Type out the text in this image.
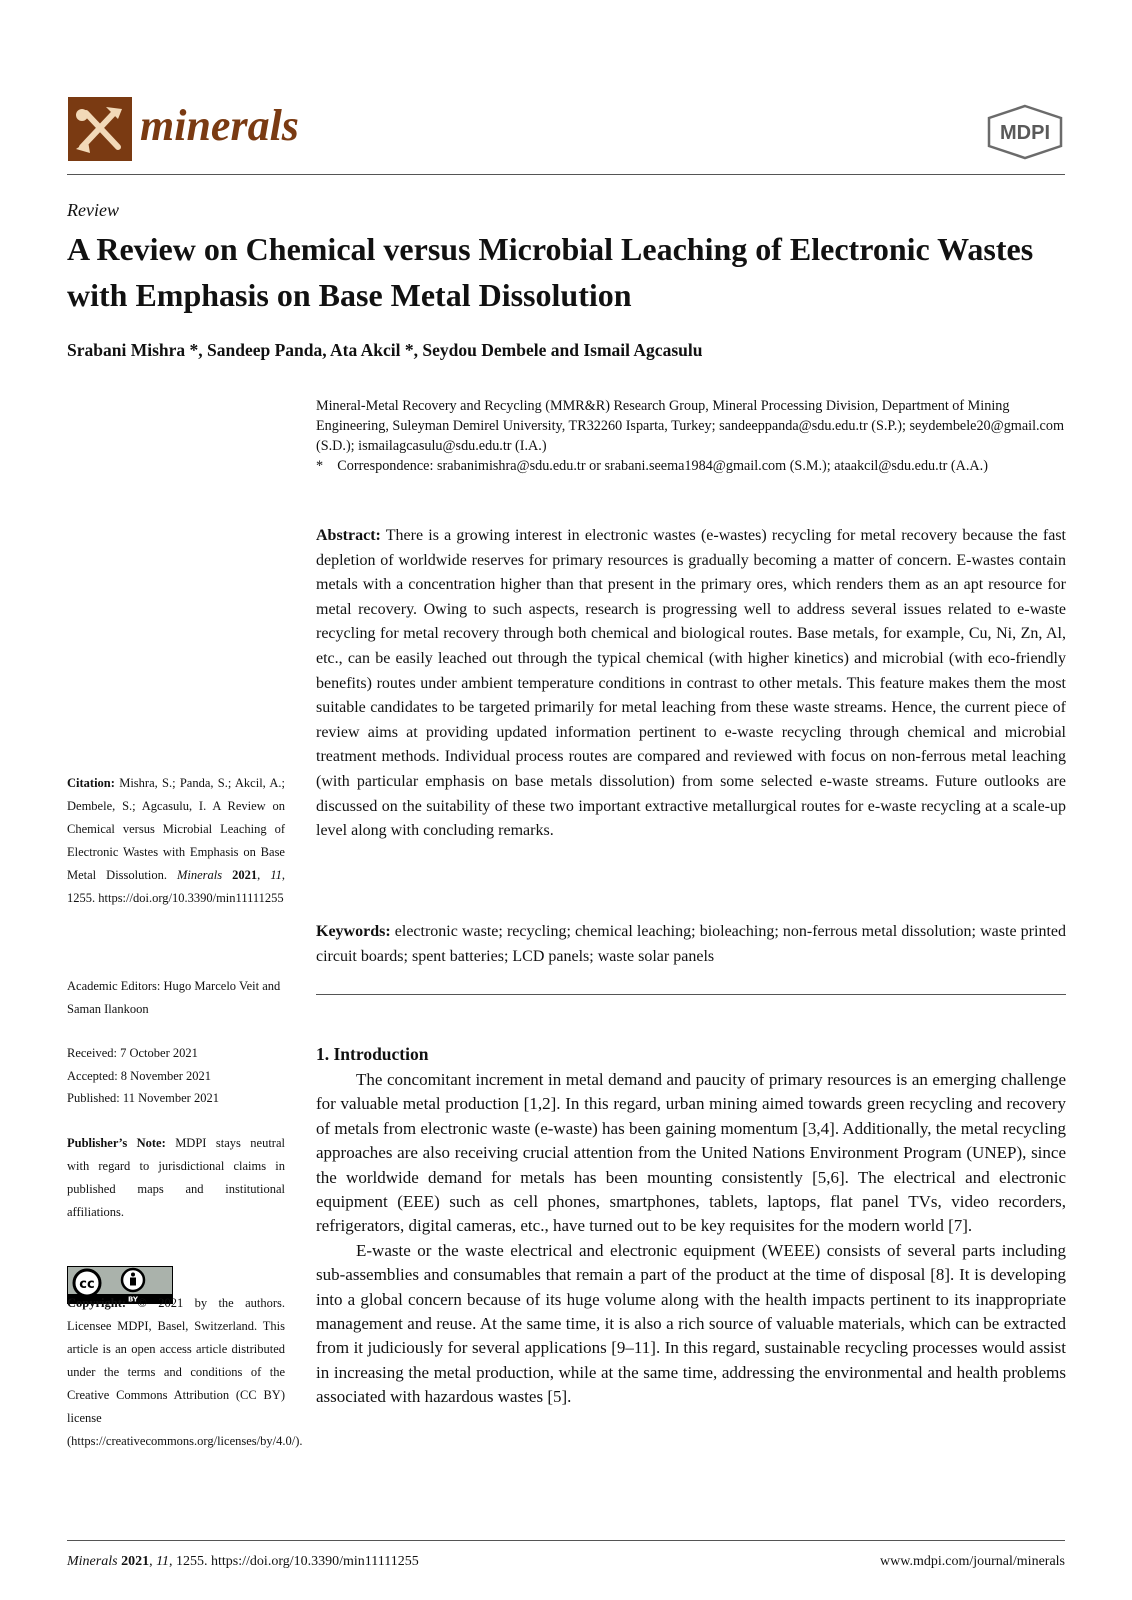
minerals	MDPI
Review
A Review on Chemical versus Microbial Leaching of Electronic Wastes with Emphasis on Base Metal Dissolution
Srabani Mishra *, Sandeep Panda, Ata Akcil *, Seydou Dembele and Ismail Agcasulu

Mineral-Metal Recovery and Recycling (MMR&R) Research Group, Mineral Processing Division, Department of Mining Engineering, Suleyman Demirel University, TR32260 Isparta, Turkey; sandeeppanda@sdu.edu.tr (S.P.); seydembele20@gmail.com (S.D.); ismailagcasulu@sdu.edu.tr (I.A.)

* Correspondence: srabanimishra@sdu.edu.tr or srabani.seema1984@gmail.com (S.M.); ataakcil@sdu.edu.tr (A.A.)

Abstract: There is a growing interest in electronic wastes (e-wastes) recycling for metal recovery because the fast depletion of worldwide reserves for primary resources is gradually becoming a matter of concern. E-wastes contain metals with a concentration higher than that present in the primary ores, which renders them as an apt resource for metal recovery. Owing to such aspects, research is progressing well to address several issues related to e-waste recycling for metal recovery through both chemical and biological routes. Base metals, for example, Cu, Ni, Zn, Al, etc., can be easily leached out through the typical chemical (with higher kinetics) and microbial (with eco-friendly benefits) routes under ambient temperature conditions in contrast to other metals. This feature makes them the most suitable candidates to be targeted primarily for metal leaching from these waste streams. Hence, the current piece of review aims at providing updated information pertinent to e-waste recycling through chemical and microbial treatment methods. Individual process routes are compared and reviewed with focus on non-ferrous metal leaching (with particular emphasis on base metals dissolution) from some selected e-waste streams. Future outlooks are discussed on the suitability of these two important extractive metallurgical routes for e-waste recycling at a scale-up level along with concluding remarks.

Keywords: electronic waste; recycling; chemical leaching; bioleaching; non-ferrous metal dissolution; waste printed circuit boards; spent batteries; LCD panels; waste solar panels

1. Introduction

The concomitant increment in metal demand and paucity of primary resources is an emerging challenge for valuable metal production [1,2]. In this regard, urban mining aimed towards green recycling and recovery of metals from electronic waste (e-waste) has been gaining momentum [3,4]. Additionally, the metal recycling approaches are also receiving crucial attention from the United Nations Environment Program (UNEP), since the worldwide demand for metals has been mounting consistently [5,6]. The electrical and electronic equipment (EEE) such as cell phones, smartphones, tablets, laptops, flat panel TVs, video recorders, refrigerators, digital cameras, etc., have turned out to be key requisites for the modern world [7].

E-waste or the waste electrical and electronic equipment (WEEE) consists of several parts including sub-assemblies and consumables that remain a part of the product at the time of disposal [8]. It is developing into a global concern because of its huge volume along with the health impacts pertinent to its inappropriate management and reuse. At the same time, it is also a rich source of valuable materials, which can be extracted from it judiciously for several applications [9–11]. In this regard, sustainable recycling processes would assist in increasing the metal production, while at the same time, addressing the environmental and health problems associated with hazardous wastes [5].

Citation: Mishra, S.; Panda, S.; Akcil, A.; Dembele, S.; Agcasulu, I. A Review on Chemical versus Microbial Leaching of Electronic Wastes with Emphasis on Base Metal Dissolution. Minerals 2021, 11, 1255. https://doi.org/10.3390/min11111255

Academic Editors: Hugo Marcelo Veit and Saman Ilankoon

Received: 7 October 2021

Accepted: 8 November 2021

Published: 11 November 2021

Publisher’s Note: MDPI stays neutral with regard to jurisdictional claims in published maps and institutional affiliations.

cc
BY

Copyright: © 2021 by the authors. Licensee MDPI, Basel, Switzerland. This article is an open access article distributed under the terms and conditions of the Creative Commons Attribution (CC BY) license (https://creativecommons.org/licenses/by/4.0/).

Minerals 2021, 11, 1255. https://doi.org/10.3390/min11111255	www.mdpi.com/journal/minerals
